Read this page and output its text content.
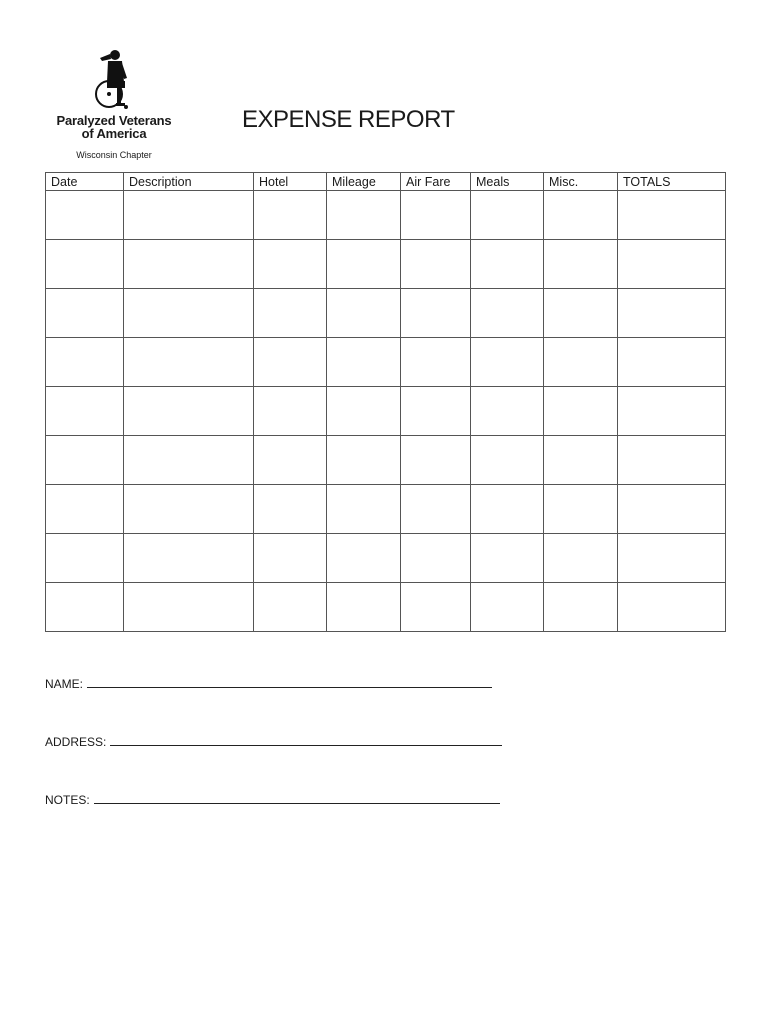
Paralyzed Veterans
of America
Wisconsin Chapter
EXPENSE REPORT
Date	Description	Hotel	Mileage	Air Fare	Meals	Misc.	TOTALS

NAME:
ADDRESS:
NOTES:
